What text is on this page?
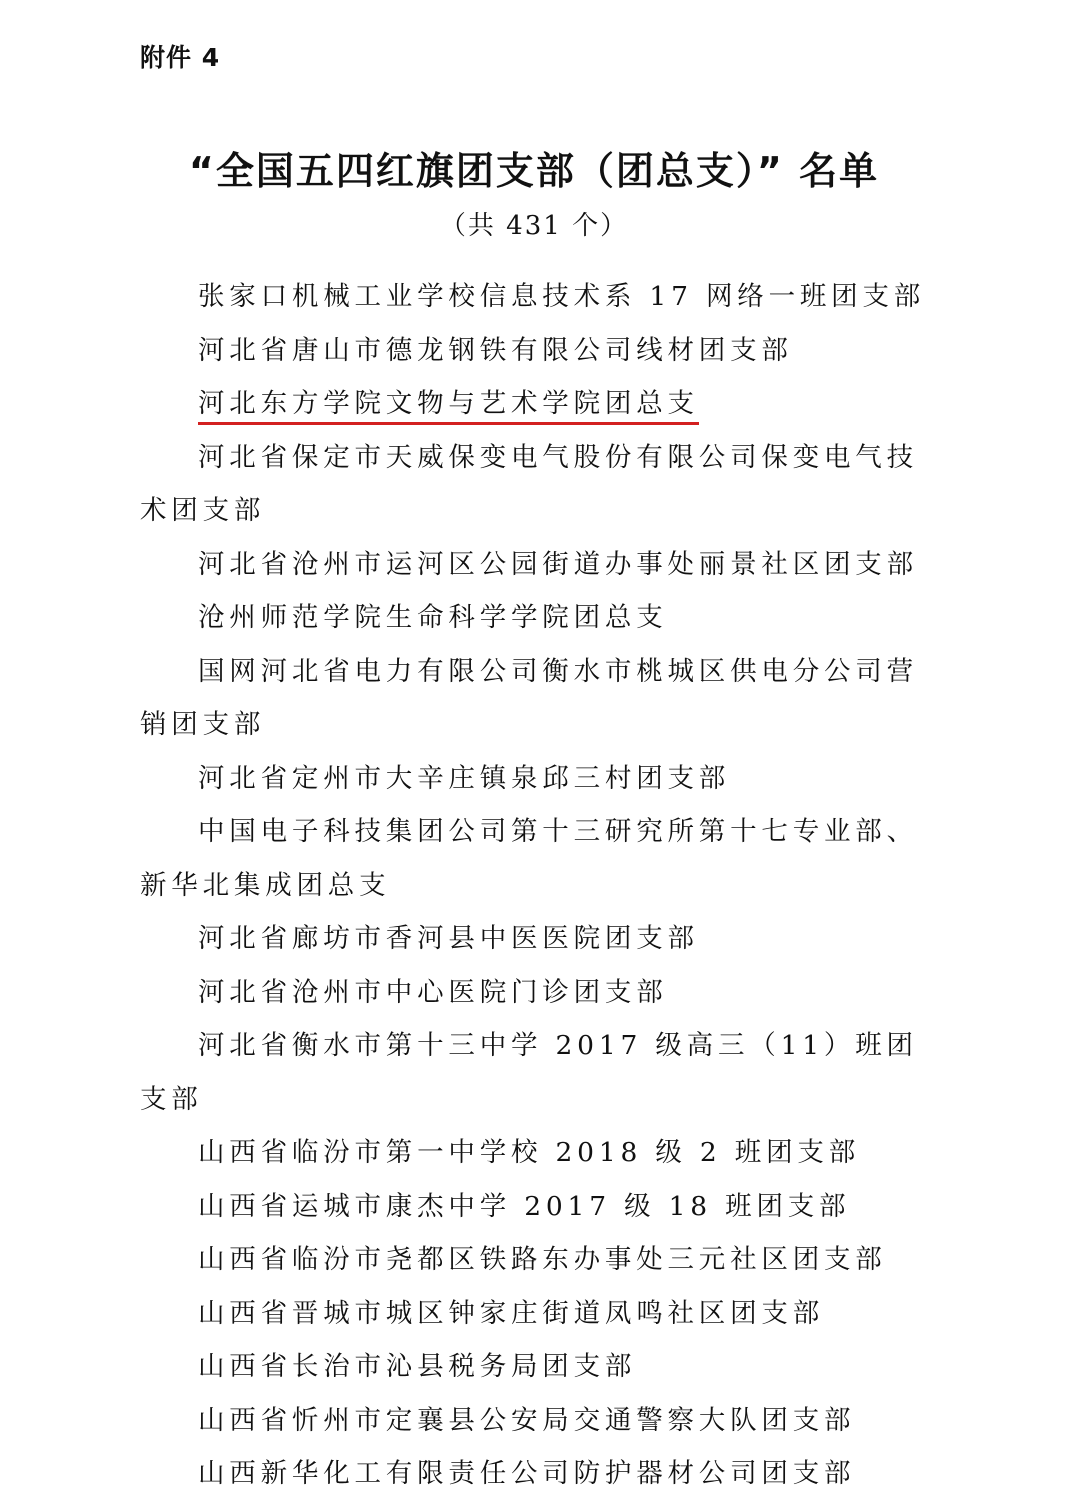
附件 4
“全国五四红旗团支部（团总支）” 名单
（共 431 个）
张家口机械工业学校信息技术系 17 网络一班团支部
河北省唐山市德龙钢铁有限公司线材团支部
河北东方学院文物与艺术学院团总支
河北省保定市天威保变电气股份有限公司保变电气技术团支部
河北省沧州市运河区公园街道办事处丽景社区团支部
沧州师范学院生命科学学院团总支
国网河北省电力有限公司衡水市桃城区供电分公司营销团支部
河北省定州市大辛庄镇泉邱三村团支部
中国电子科技集团公司第十三研究所第十七专业部、新华北集成团总支
河北省廊坊市香河县中医医院团支部
河北省沧州市中心医院门诊团支部
河北省衡水市第十三中学 2017 级高三（11）班团支部
山西省临汾市第一中学校 2018 级 2 班团支部
山西省运城市康杰中学 2017 级 18 班团支部
山西省临汾市尧都区铁路东办事处三元社区团支部
山西省晋城市城区钟家庄街道凤鸣社区团支部
山西省长治市沁县税务局团支部
山西省忻州市定襄县公安局交通警察大队团支部
山西新华化工有限责任公司防护器材公司团支部
